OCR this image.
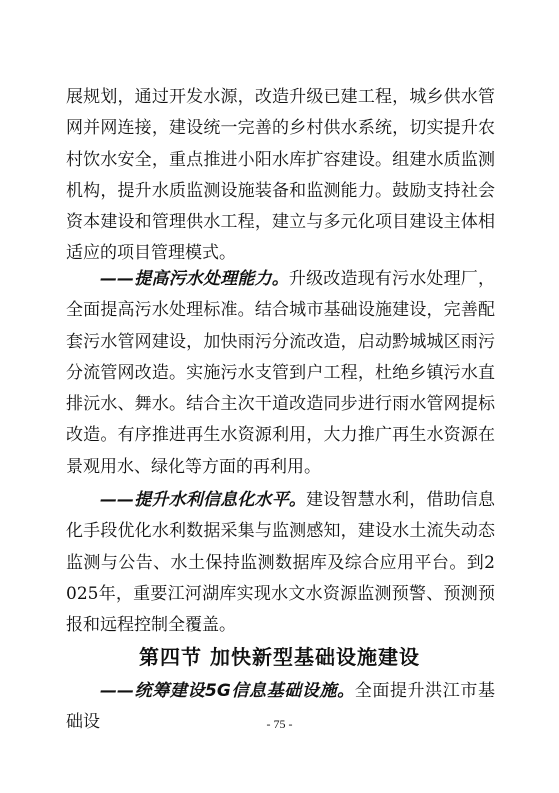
展规划，通过开发水源，改造升级已建工程，城乡供水管网并网连接，建设统一完善的乡村供水系统，切实提升农村饮水安全，重点推进小阳水库扩容建设。组建水质监测机构，提升水质监测设施装备和监测能力。鼓励支持社会资本建设和管理供水工程，建立与多元化项目建设主体相适应的项目管理模式。

——提高污水处理能力。升级改造现有污水处理厂，全面提高污水处理标准。结合城市基础设施建设，完善配套污水管网建设，加快雨污分流改造，启动黔城城区雨污分流管网改造。实施污水支管到户工程，杜绝乡镇污水直排沅水、舞水。结合主次干道改造同步进行雨水管网提标改造。有序推进再生水资源利用，大力推广再生水资源在景观用水、绿化等方面的再利用。

——提升水利信息化水平。建设智慧水利，借助信息化手段优化水利数据采集与监测感知，建设水土流失动态监测与公告、水土保持监测数据库及综合应用平台。到2025年，重要江河湖库实现水文水资源监测预警、预测预报和远程控制全覆盖。

第四节 加快新型基础设施建设

——统筹建设5G信息基础设施。全面提升洪江市基础设	- 75 -
